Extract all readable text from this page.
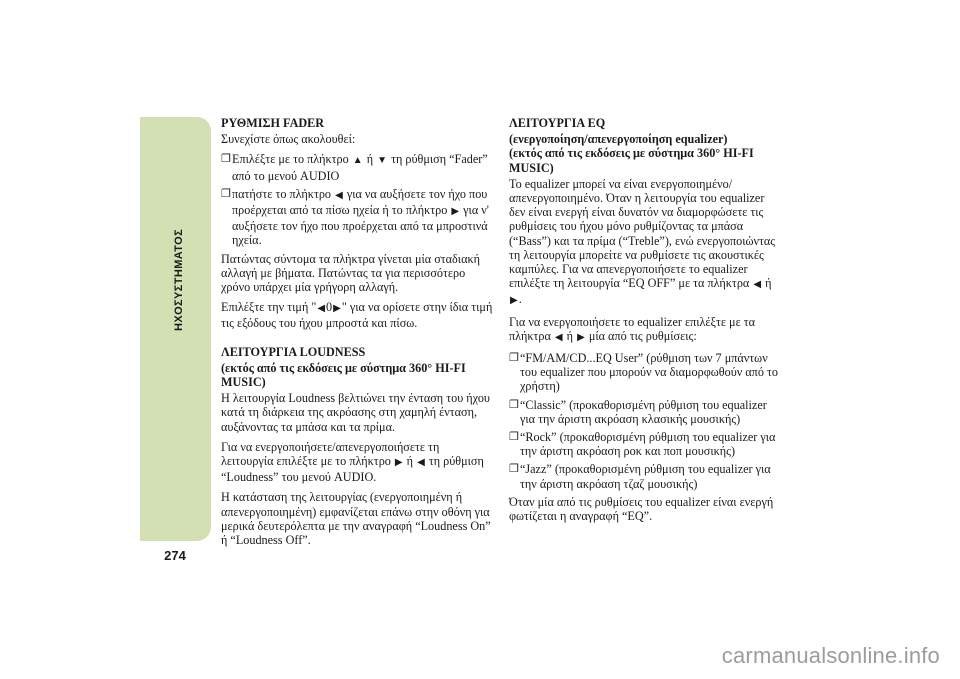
ΗΧΟΣΥΣΤΗΜΑΤΟΣ
274
ΡΥΘΜΙΣΗ FADER

Συνεχίστε όπως ακολουθεί:

❐ Επιλέξτε με το πλήκτρο ▲ ή ▼ τη ρύθμιση “Fader” από το μενού AUDIO
❐ πατήστε το πλήκτρο ◀ για να αυξήσετε τον ήχο που προέρχεται από τα πίσω ηχεία ή το πλήκτρο ▶ για ν' αυξήσετε τον ήχο που προέρχεται από τα μπροστινά ηχεία.

Πατώντας σύντομα τα πλήκτρα γίνεται μία σταδιακή αλλαγή με βήματα. Πατώντας τα για περισσότερο χρόνο υπάρχει μία γρήγορη αλλαγή.

Επιλέξτε την τιμή "◀0▶" για να ορίσετε στην ίδια τιμή τις εξόδους του ήχου μπροστά και πίσω.

ΛΕΙΤΟΥΡΓΙΑ LOUDNESS
(εκτός από τις εκδόσεις με σύστημα 360° HI-FI MUSIC)

Η λειτουργία Loudness βελτιώνει την ένταση του ήχου κατά τη διάρκεια της ακρόασης στη χαμηλή ένταση, αυξάνοντας τα μπάσα και τα πρίμα.

Για να ενεργοποιήσετε/απενεργοποιήσετε τη λειτουργία επιλέξτε με το πλήκτρο ▶ ή ◀ τη ρύθμιση “Loudness” του μενού AUDIO.

Η κατάσταση της λειτουργίας (ενεργοποιημένη ή απενεργοποιημένη) εμφανίζεται επάνω στην οθόνη για μερικά δευτερόλεπτα με την αναγραφή “Loudness On” ή “Loudness Off”.

ΛΕΙΤΟΥΡΓΙΑ EQ
(ενεργοποίηση/απενεργοποίηση equalizer)
(εκτός από τις εκδόσεις με σύστημα 360° HI-FI MUSIC)

Το equalizer μπορεί να είναι ενεργοποιημένο/απενεργοποιημένο. Όταν η λειτουργία του equalizer δεν είναι ενεργή είναι δυνατόν να διαμορφώσετε τις ρυθμίσεις του ήχου μόνο ρυθμίζοντας τα μπάσα (“Bass”) και τα πρίμα (“Treble”), ενώ ενεργοποιώντας τη λειτουργία μπορείτε να ρυθμίσετε τις ακουστικές καμπύλες. Για να απενεργοποιήσετε το equalizer επιλέξτε τη λειτουργία “EQ OFF” με τα πλήκτρα ◀ ή ▶.

Για να ενεργοποιήσετε το equalizer επιλέξτε με τα πλήκτρα ◀ ή ▶ μία από τις ρυθμίσεις:

❐ “FM/AM/CD...EQ User” (ρύθμιση των 7 μπάντων του equalizer που μπορούν να διαμορφωθούν από το χρήστη)
❐ “Classic” (προκαθορισμένη ρύθμιση του equalizer για την άριστη ακρόαση κλασικής μουσικής)
❐ “Rock” (προκαθορισμένη ρύθμιση του equalizer για την άριστη ακρόαση ροκ και ποπ μουσικής)
❐ “Jazz” (προκαθορισμένη ρύθμιση του equalizer για την άριστη ακρόαση τζαζ μουσικής)

Όταν μία από τις ρυθμίσεις του equalizer είναι ενεργή φωτίζεται η αναγραφή “EQ”.

carmanualsonline.info
